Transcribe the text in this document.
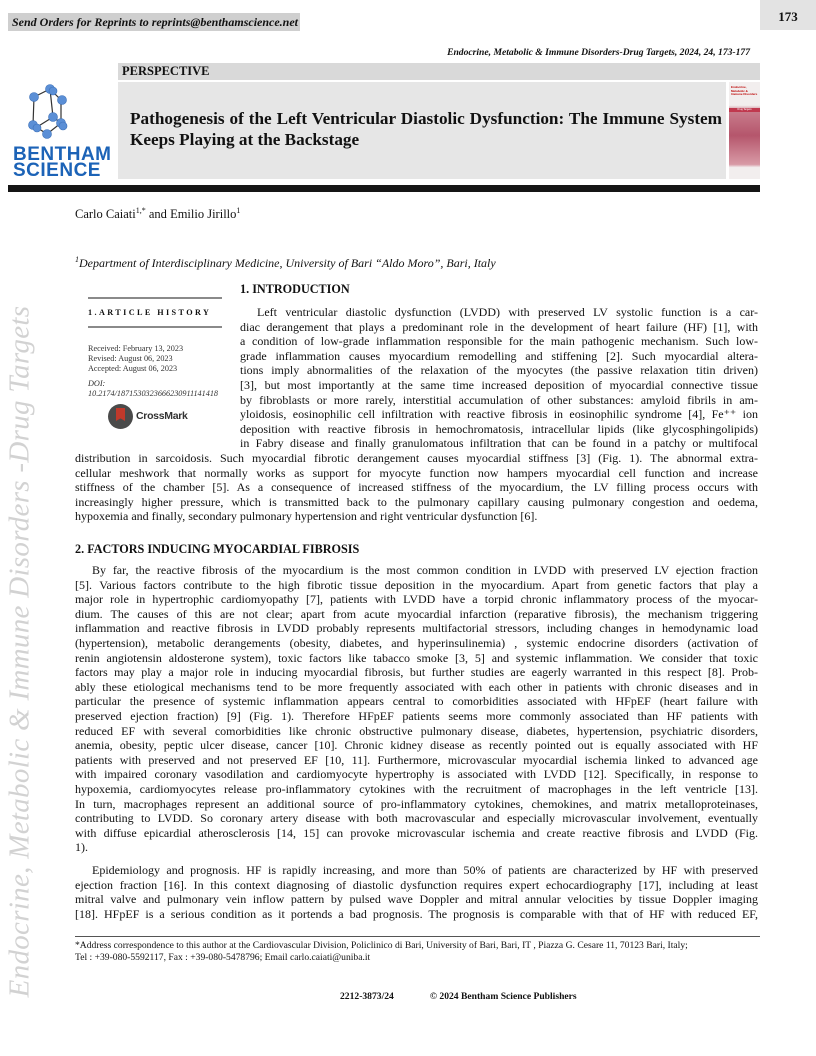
Send Orders for Reprints to reprints@benthamscience.net	173
Endocrine, Metabolic & Immune Disorders-Drug Targets, 2024, 24, 173-177
PERSPECTIVE
BENTHAM
SCIENCE
Pathogenesis of the Left Ventricular Diastolic Dysfunction: The Immune System Keeps Playing at the Backstage
Endocrine, Metabolic & Immune Disorders
Drug Targets
Endocrine, Metabolic & Immune Disorders -Drug Targets
Carlo Caiati$^{1,*}$ and Emilio Jirillo$^1$
$^1$Department of Interdisciplinary Medicine, University of Bari “Aldo Moro”, Bari, Italy
1.ARTICLE HISTORY
Received: February 13, 2023
Revised: August 06, 2023
Accepted: August 06, 2023
DOI:
10.2174/1871530323666230911141418
CrossMark
1. INTRODUCTION
Left ventricular diastolic dysfunction (LVDD) with preserved LV systolic function is a car-
diac derangement that plays a predominant role in the development of heart failure (HF) [1], with
a condition of low-grade inflammation responsible for the main pathogenic mechanism. Such low-
grade inflammation causes myocardium remodelling and stiffening [2]. Such myocardial altera-
tions imply abnormalities of the relaxation of the myocytes (the passive relaxation titin driven)
[3], but most importantly at the same time increased deposition of myocardial connective tissue
by fibroblasts or more rarely, interstitial accumulation of other substances: amyloid fibrils in am-
yloidosis, eosinophilic cell infiltration with reactive fibrosis in eosinophilic syndrome [4], Fe⁺⁺ ion
deposition with reactive fibrosis in hemochromatosis, intracellular lipids (like glycosphingolipids)
in Fabry disease and finally granulomatous infiltration that can be found in a patchy or multifocal
distribution in sarcoidosis. Such myocardial fibrotic derangement causes myocardial stiffness [3] (Fig. 1). The abnormal extra-
cellular meshwork that normally works as support for myocyte function now hampers myocardial cell function and increase
stiffness of the chamber [5]. As a consequence of increased stiffness of the myocardium, the LV filling process occurs with
increasingly higher pressure, which is transmitted back to the pulmonary capillary causing pulmonary congestion and oedema,
hypoxemia and finally, secondary pulmonary hypertension and right ventricular dysfunction [6].
2. FACTORS INDUCING MYOCARDIAL FIBROSIS
By far, the reactive fibrosis of the myocardium is the most common condition in LVDD with preserved LV ejection fraction
[5]. Various factors contribute to the high fibrotic tissue deposition in the myocardium. Apart from genetic factors that play a
major role in hypertrophic cardiomyopathy [7], patients with LVDD have a torpid chronic inflammatory process of the myocar-
dium. The causes of this are not clear; apart from acute myocardial infarction (reparative fibrosis), the mechanism triggering
inflammation and reactive fibrosis in LVDD probably represents multifactorial stressors, including changes in hemodynamic load
(hypertension), metabolic derangements (obesity, diabetes, and hyperinsulinemia) , systemic endocrine disorders (activation of
renin angiotensin aldosterone system), toxic factors like tabacco smoke [3, 5] and systemic inflammation. We consider that toxic
factors may play a major role in inducing myocardial fibrosis, but further studies are eagerly warranted in this respect [8]. Prob-
ably these etiological mechanisms tend to be more frequently associated with each other in patients with chronic diseases and in
particular the presence of systemic inflammation appears central to comorbidities associated with HFpEF (heart failure with
preserved ejection fraction) [9] (Fig. 1). Therefore HFpEF patients seems more commonly associated than HF patients with
reduced EF with several comorbidities like chronic obstructive pulmonary disease, diabetes, hypertension, psychiatric disorders,
anemia, obesity, peptic ulcer disease, cancer [10]. Chronic kidney disease as recently pointed out is equally associated with HF
patients with preserved and not preserved EF [10, 11]. Furthermore, microvascular myocardial ischemia linked to advanced age
with impaired coronary vasodilation and cardiomyocyte hypertrophy is associated with LVDD [12]. Specifically, in response to
hypoxemia, cardiomyocytes release pro-inflammatory cytokines with the recruitment of macrophages in the left ventricle [13].
In turn, macrophages represent an additional source of pro-inflammatory cytokines, chemokines, and matrix metalloproteinases,
contributing to LVDD. So coronary artery disease with both macrovascular and especially microvascular involvement, eventually
with diffuse epicardial atherosclerosis [14, 15] can provoke microvascular ischemia and create reactive fibrosis and LVDD (Fig.
1).
Epidemiology and prognosis. HF is rapidly increasing, and more than 50% of patients are characterized by HF with preserved
ejection fraction [16]. In this context diagnosing of diastolic dysfunction requires expert echocardiography [17], including at least
mitral valve and pulmonary vein inflow pattern by pulsed wave Doppler and mitral annular velocities by tissue Doppler imaging
[18]. HFpEF is a serious condition as it portends a bad prognosis. The prognosis is comparable with that of HF with reduced EF,
*Address correspondence to this author at the Cardiovascular Division, Policlinico di Bari, University of Bari, Bari, IT , Piazza G. Cesare 11, 70123 Bari, Italy;
Tel : +39-080-5592117, Fax : +39-080-5478796; Email carlo.caiati@uniba.it
2212-3873/24	© 2024 Bentham Science Publishers
